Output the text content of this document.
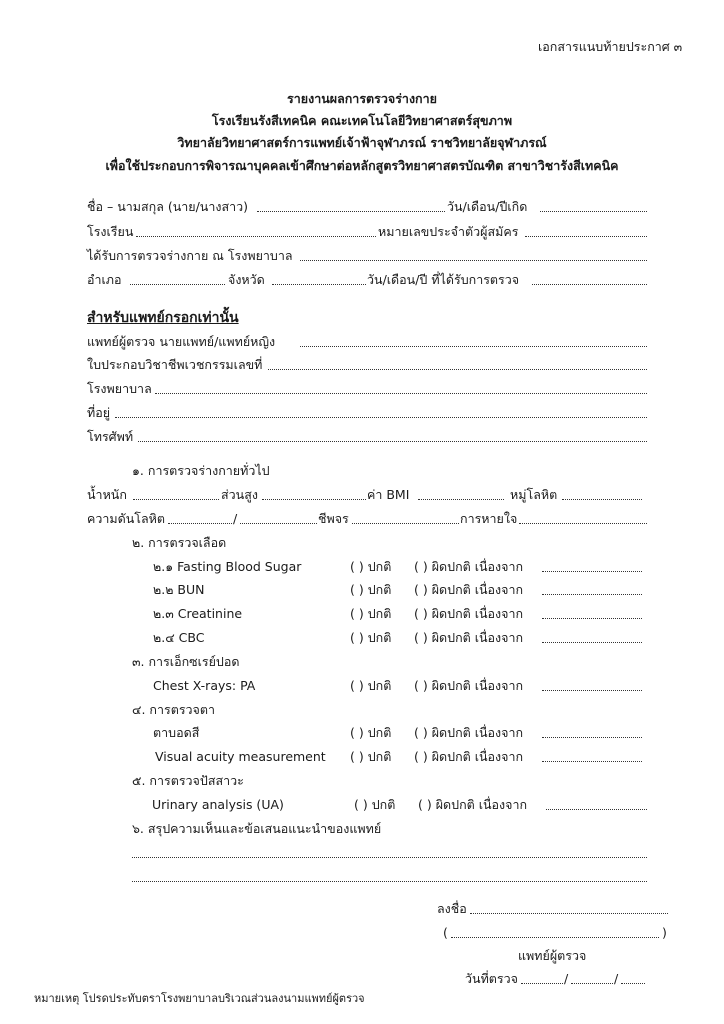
เอกสารแนบท้ายประกาศ ๓
รายงานผลการตรวจร่างกาย
โรงเรียนรังสีเทคนิค คณะเทคโนโลยีวิทยาศาสตร์สุขภาพ
วิทยาลัยวิทยาศาสตร์การแพทย์เจ้าฟ้าจุฬาภรณ์ ราชวิทยาลัยจุฬาภรณ์
เพื่อใช้ประกอบการพิจารณาบุคคลเข้าศึกษาต่อหลักสูตรวิทยาศาสตรบัณฑิต สาขาวิชารังสีเทคนิค
ชื่อ – นามสกุล (นาย/นางสาว)	วัน/เดือน/ปีเกิด
โรงเรียน	หมายเลขประจำตัวผู้สมัคร
ได้รับการตรวจร่างกาย ณ โรงพยาบาล
อำเภอ	จังหวัด	วัน/เดือน/ปี ที่ได้รับการตรวจ
สำหรับแพทย์กรอกเท่านั้น
แพทย์ผู้ตรวจ นายแพทย์/แพทย์หญิง
ใบประกอบวิชาชีพเวชกรรมเลขที่
โรงพยาบาล
ที่อยู่
โทรศัพท์
๑. การตรวจร่างกายทั่วไป
น้ำหนัก	ส่วนสูง	ค่า BMI	หมู่โลหิต
ความดันโลหิต	/	ชีพจร	การหายใจ
๒. การตรวจเลือด
๒.๑ Fasting Blood Sugar	( ) ปกติ ( ) ผิดปกติ เนื่องจาก
๒.๒ BUN	( ) ปกติ ( ) ผิดปกติ เนื่องจาก
๒.๓ Creatinine	( ) ปกติ ( ) ผิดปกติ เนื่องจาก
๒.๔ CBC	( ) ปกติ ( ) ผิดปกติ เนื่องจาก
๓. การเอ็กซเรย์ปอด
Chest X-rays: PA	( ) ปกติ ( ) ผิดปกติ เนื่องจาก
๔. การตรวจตา
ตาบอดสี	( ) ปกติ ( ) ผิดปกติ เนื่องจาก
Visual acuity measurement ( ) ปกติ ( ) ผิดปกติ เนื่องจาก
๕. การตรวจปัสสาวะ
Urinary analysis (UA)	( ) ปกติ ( ) ผิดปกติ เนื่องจาก
๖. สรุปความเห็นและข้อเสนอแนะนำของแพทย์
ลงชื่อ
(	)
แพทย์ผู้ตรวจ
วันที่ตรวจ	/	/
หมายเหตุ โปรดประทับตราโรงพยาบาลบริเวณส่วนลงนามแพทย์ผู้ตรวจ
